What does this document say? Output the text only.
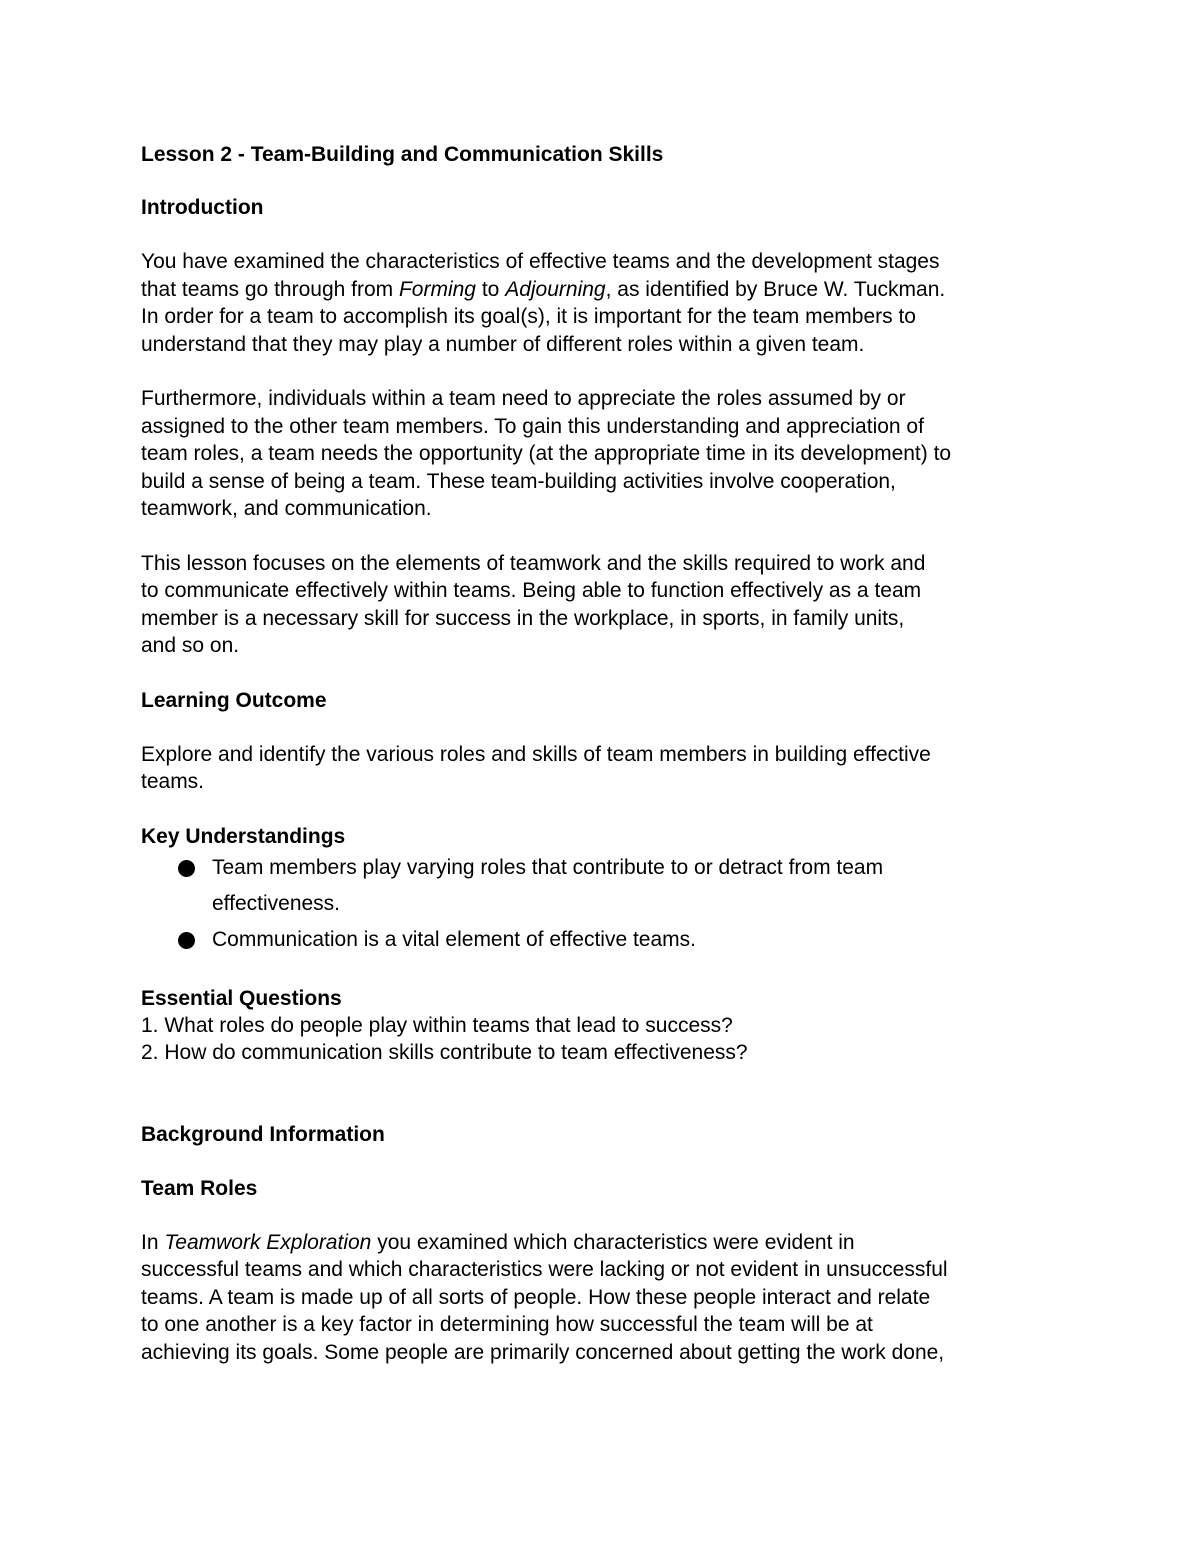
Lesson 2 - Team-Building and Communication Skills
Introduction

You have examined the characteristics of effective teams and the development stages
that teams go through from Forming to Adjourning, as identified by Bruce W. Tuckman.
In order for a team to accomplish its goal(s), it is important for the team members to
understand that they may play a number of different roles within a given team.

Furthermore, individuals within a team need to appreciate the roles assumed by or
assigned to the other team members. To gain this understanding and appreciation of
team roles, a team needs the opportunity (at the appropriate time in its development) to
build a sense of being a team. These team-building activities involve cooperation,
teamwork, and communication.

This lesson focuses on the elements of teamwork and the skills required to work and
to communicate effectively within teams. Being able to function effectively as a team
member is a necessary skill for success in the workplace, in sports, in family units,
and so on.

Learning Outcome

Explore and identify the various roles and skills of team members in building effective
teams.

Key Understandings
Team members play varying roles that contribute to or detract from team
effectiveness.
Communication is a vital element of effective teams.
Essential Questions
1. What roles do people play within teams that lead to success?
2. How do communication skills contribute to team effectiveness?
Background Information
Team Roles

In Teamwork Exploration you examined which characteristics were evident in
successful teams and which characteristics were lacking or not evident in unsuccessful
teams. A team is made up of all sorts of people. How these people interact and relate
to one another is a key factor in determining how successful the team will be at
achieving its goals. Some people are primarily concerned about getting the work done,
